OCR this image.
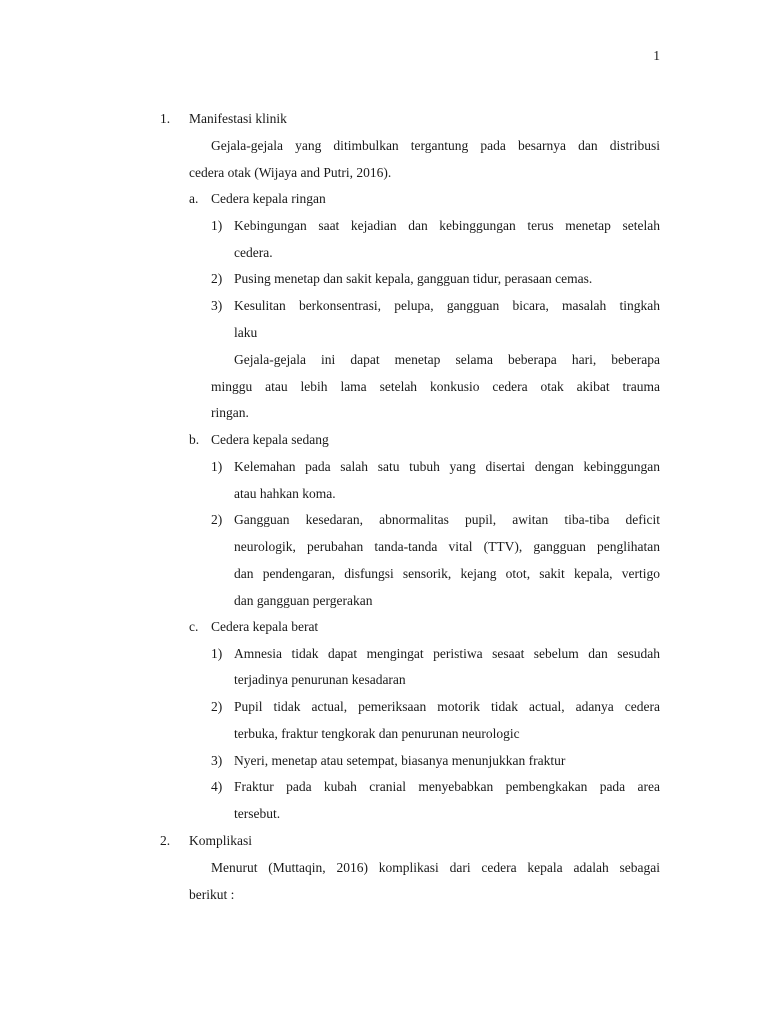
1
1. Manifestasi klinik
Gejala-gejala yang ditimbulkan tergantung pada besarnya dan distribusi
cedera otak (Wijaya and Putri, 2016).
a. Cedera kepala ringan
1) Kebingungan saat kejadian dan kebinggungan terus menetap setelah
cedera.
2) Pusing menetap dan sakit kepala, gangguan tidur, perasaan cemas.
3) Kesulitan berkonsentrasi, pelupa, gangguan bicara, masalah tingkah
laku
Gejala-gejala ini dapat menetap selama beberapa hari, beberapa
minggu atau lebih lama setelah konkusio cedera otak akibat trauma
ringan.
b. Cedera kepala sedang
1) Kelemahan pada salah satu tubuh yang disertai dengan kebinggungan
atau hahkan koma.
2) Gangguan kesedaran, abnormalitas pupil, awitan tiba-tiba deficit
neurologik, perubahan tanda-tanda vital (TTV), gangguan penglihatan
dan pendengaran, disfungsi sensorik, kejang otot, sakit kepala, vertigo
dan gangguan pergerakan
c. Cedera kepala berat
1) Amnesia tidak dapat mengingat peristiwa sesaat sebelum dan sesudah
terjadinya penurunan kesadaran
2) Pupil tidak actual, pemeriksaan motorik tidak actual, adanya cedera
terbuka, fraktur tengkorak dan penurunan neurologic
3) Nyeri, menetap atau setempat, biasanya menunjukkan fraktur
4) Fraktur pada kubah cranial menyebabkan pembengkakan pada area
tersebut.
2. Komplikasi
Menurut (Muttaqin, 2016) komplikasi dari cedera kepala adalah sebagai
berikut :
